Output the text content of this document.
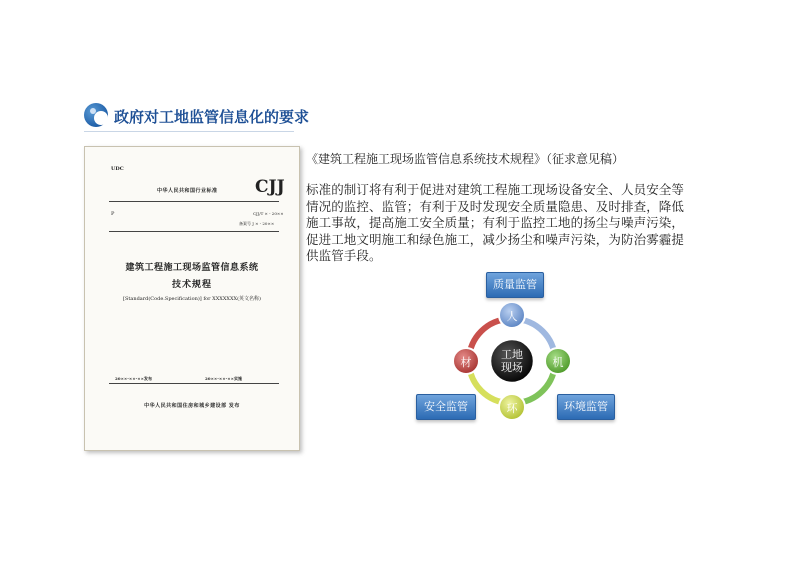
政府对工地监管信息化的要求
UDC
中华人民共和国行业标准 CJJ
P	CJJ/T × - 20××
备案号 J × - 20××
建筑工程施工现场监管信息系统
技术规程
[Standard(Code.Specification)] for XXXXXXX(英文名称)
20××-××-××发布	20××-××-××实施
中华人民共和国住房和城乡建设部 发布
《建筑工程施工现场监管信息系统技术规程》（征求意见稿）
标准的制订将有利于促进对建筑工程施工现场设备安全、人员安全等
情况的监控、监管；有利于及时发现安全质量隐患、及时排查，降低
施工事故，提高施工安全质量；有利于监控工地的扬尘与噪声污染，
促进工地文明施工和绿色施工，减少扬尘和噪声污染，为防治雾霾提
供监管手段。
工地
现场
人
机
环
材
质量监管
安全监管	环境监管
